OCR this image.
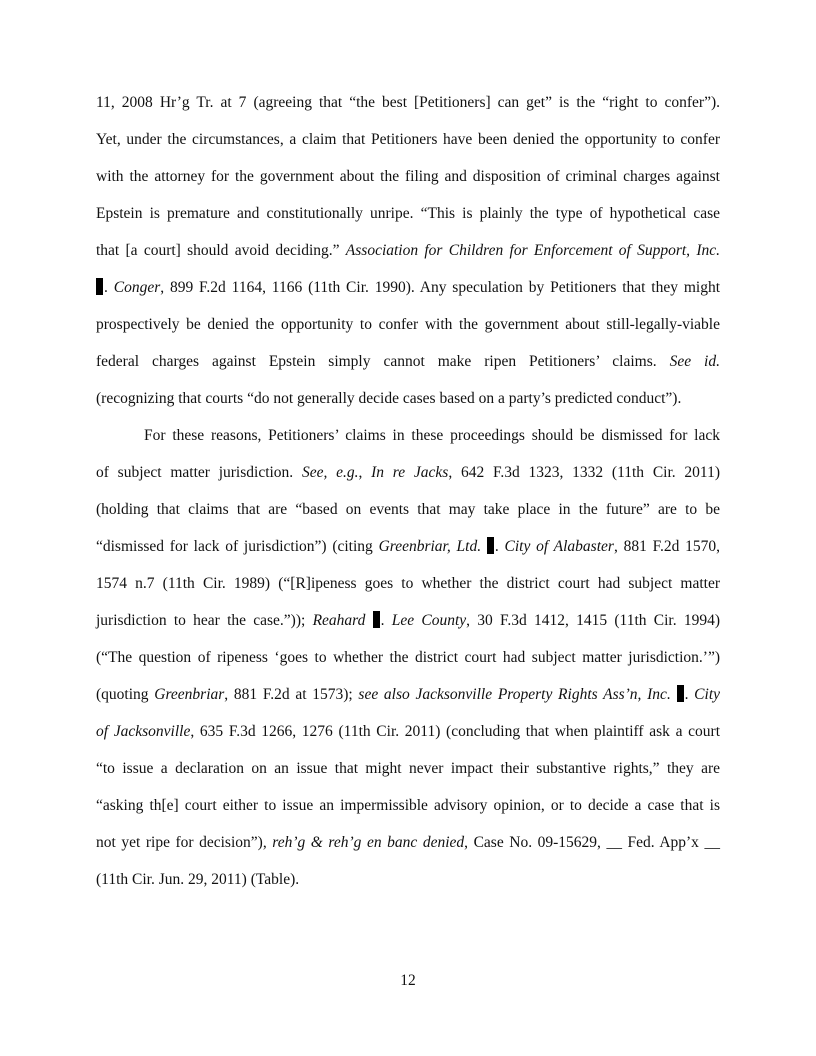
11, 2008 Hr’g Tr. at 7 (agreeing that “the best [Petitioners] can get” is the “right to confer”).
Yet, under the circumstances, a claim that Petitioners have been denied the opportunity to confer
with the attorney for the government about the filing and disposition of criminal charges against
Epstein is premature and constitutionally unripe. “This is plainly the type of hypothetical case
that [a court] should avoid deciding.” Association for Children for Enforcement of Support, Inc.
. Conger, 899 F.2d 1164, 1166 (11th Cir. 1990). Any speculation by Petitioners that they might
prospectively be denied the opportunity to confer with the government about still-legally-viable
federal charges against Epstein simply cannot make ripen Petitioners’ claims. See id.
(recognizing that courts “do not generally decide cases based on a party’s predicted conduct”).
For these reasons, Petitioners’ claims in these proceedings should be dismissed for lack
of subject matter jurisdiction. See, e.g., In re Jacks, 642 F.3d 1323, 1332 (11th Cir. 2011)
(holding that claims that are “based on events that may take place in the future” are to be
“dismissed for lack of jurisdiction”) (citing Greenbriar, Ltd. . City of Alabaster, 881 F.2d 1570,
1574 n.7 (11th Cir. 1989) (“[R]ipeness goes to whether the district court had subject matter
jurisdiction to hear the case.”)); Reahard . Lee County, 30 F.3d 1412, 1415 (11th Cir. 1994)
(“The question of ripeness ‘goes to whether the district court had subject matter jurisdiction.’”)
(quoting Greenbriar, 881 F.2d at 1573); see also Jacksonville Property Rights Ass’n, Inc. . City
of Jacksonville, 635 F.3d 1266, 1276 (11th Cir. 2011) (concluding that when plaintiff ask a court
“to issue a declaration on an issue that might never impact their substantive rights,” they are
“asking th[e] court either to issue an impermissible advisory opinion, or to decide a case that is
not yet ripe for decision”), reh’g & reh’g en banc denied, Case No. 09-15629, __ Fed. App’x __
(11th Cir. Jun. 29, 2011) (Table).
12
